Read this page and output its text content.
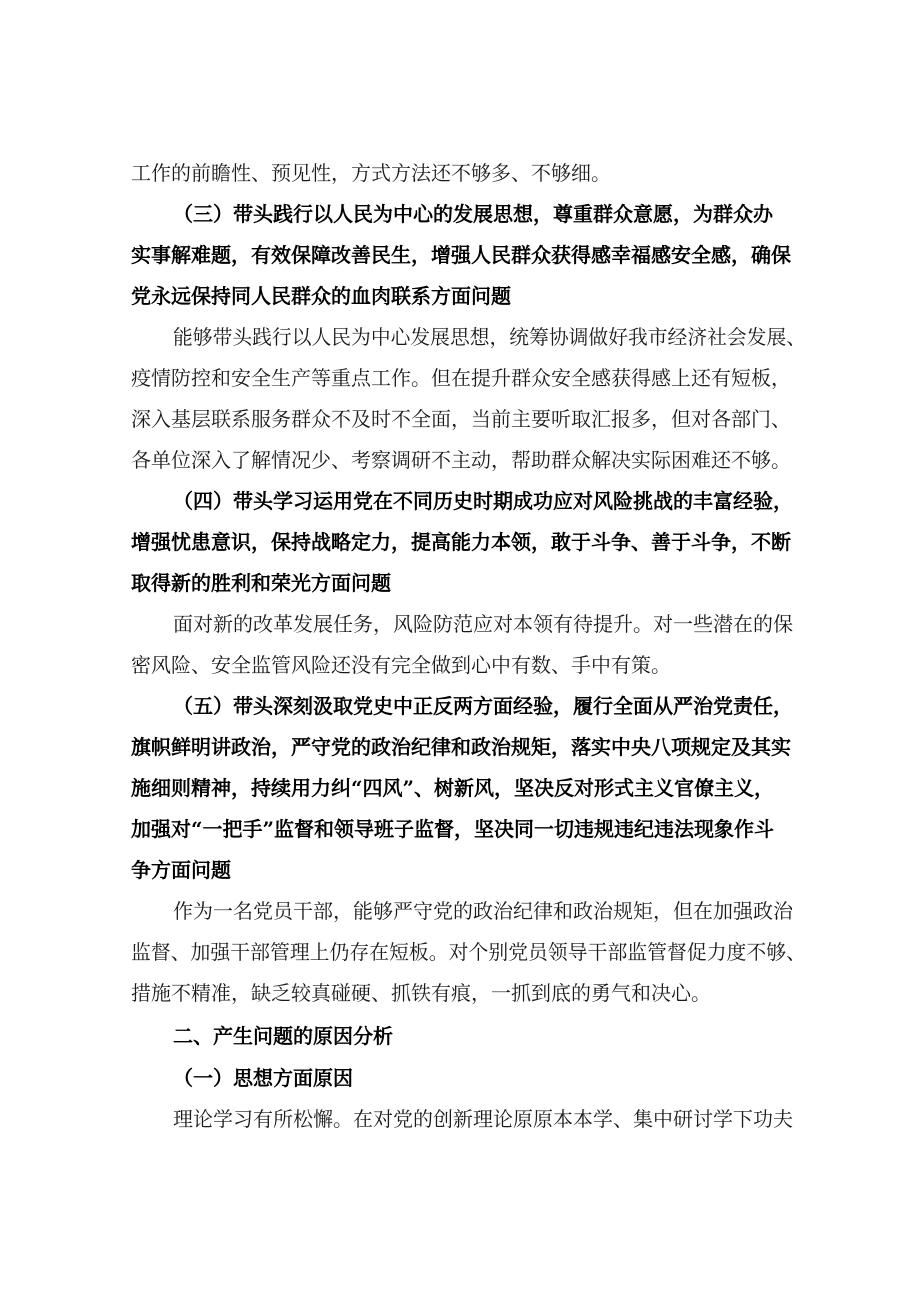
工作的前瞻性、预见性，方式方法还不够多、不够细。
（三）带头践行以人民为中心的发展思想，尊重群众意愿，为群众办
实事解难题，有效保障改善民生，增强人民群众获得感幸福感安全感，确保
党永远保持同人民群众的血肉联系方面问题
能够带头践行以人民为中心发展思想，统筹协调做好我市经济社会发展、
疫情防控和安全生产等重点工作。但在提升群众安全感获得感上还有短板，
深入基层联系服务群众不及时不全面，当前主要听取汇报多，但对各部门、
各单位深入了解情况少、考察调研不主动，帮助群众解决实际困难还不够。
（四）带头学习运用党在不同历史时期成功应对风险挑战的丰富经验，
增强忧患意识，保持战略定力，提高能力本领，敢于斗争、善于斗争，不断
取得新的胜利和荣光方面问题
面对新的改革发展任务，风险防范应对本领有待提升。对一些潜在的保
密风险、安全监管风险还没有完全做到心中有数、手中有策。
（五）带头深刻汲取党史中正反两方面经验，履行全面从严治党责任，
旗帜鲜明讲政治，严守党的政治纪律和政治规矩，落实中央八项规定及其实
施细则精神，持续用力纠“四风”、树新风，坚决反对形式主义官僚主义，
加强对“一把手”监督和领导班子监督，坚决同一切违规违纪违法现象作斗
争方面问题
作为一名党员干部，能够严守党的政治纪律和政治规矩，但在加强政治
监督、加强干部管理上仍存在短板。对个别党员领导干部监管督促力度不够、
措施不精准，缺乏较真碰硬、抓铁有痕，一抓到底的勇气和决心。
二、产生问题的原因分析
（一）思想方面原因
理论学习有所松懈。在对党的创新理论原原本本学、集中研讨学下功夫
